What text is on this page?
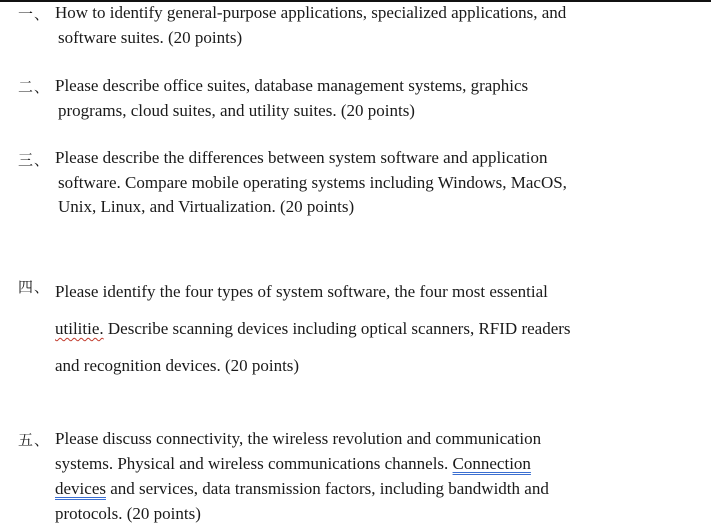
一、 How to identify general-purpose applications, specialized applications, and

software suites. (20 points)

二、 Please describe office suites, database management systems, graphics

programs, cloud suites, and utility suites. (20 points)

三、 Please describe the differences between system software and application

software. Compare mobile operating systems including Windows, MacOS,

Unix, Linux, and Virtualization. (20 points)

四、 Please identify the four types of system software, the four most essential

utilitie. Describe scanning devices including optical scanners, RFID readers

and recognition devices. (20 points)

五、 Please discuss connectivity, the wireless revolution and communication

systems. Physical and wireless communications channels. Connection

devices and services, data transmission factors, including bandwidth and

protocols. (20 points)
